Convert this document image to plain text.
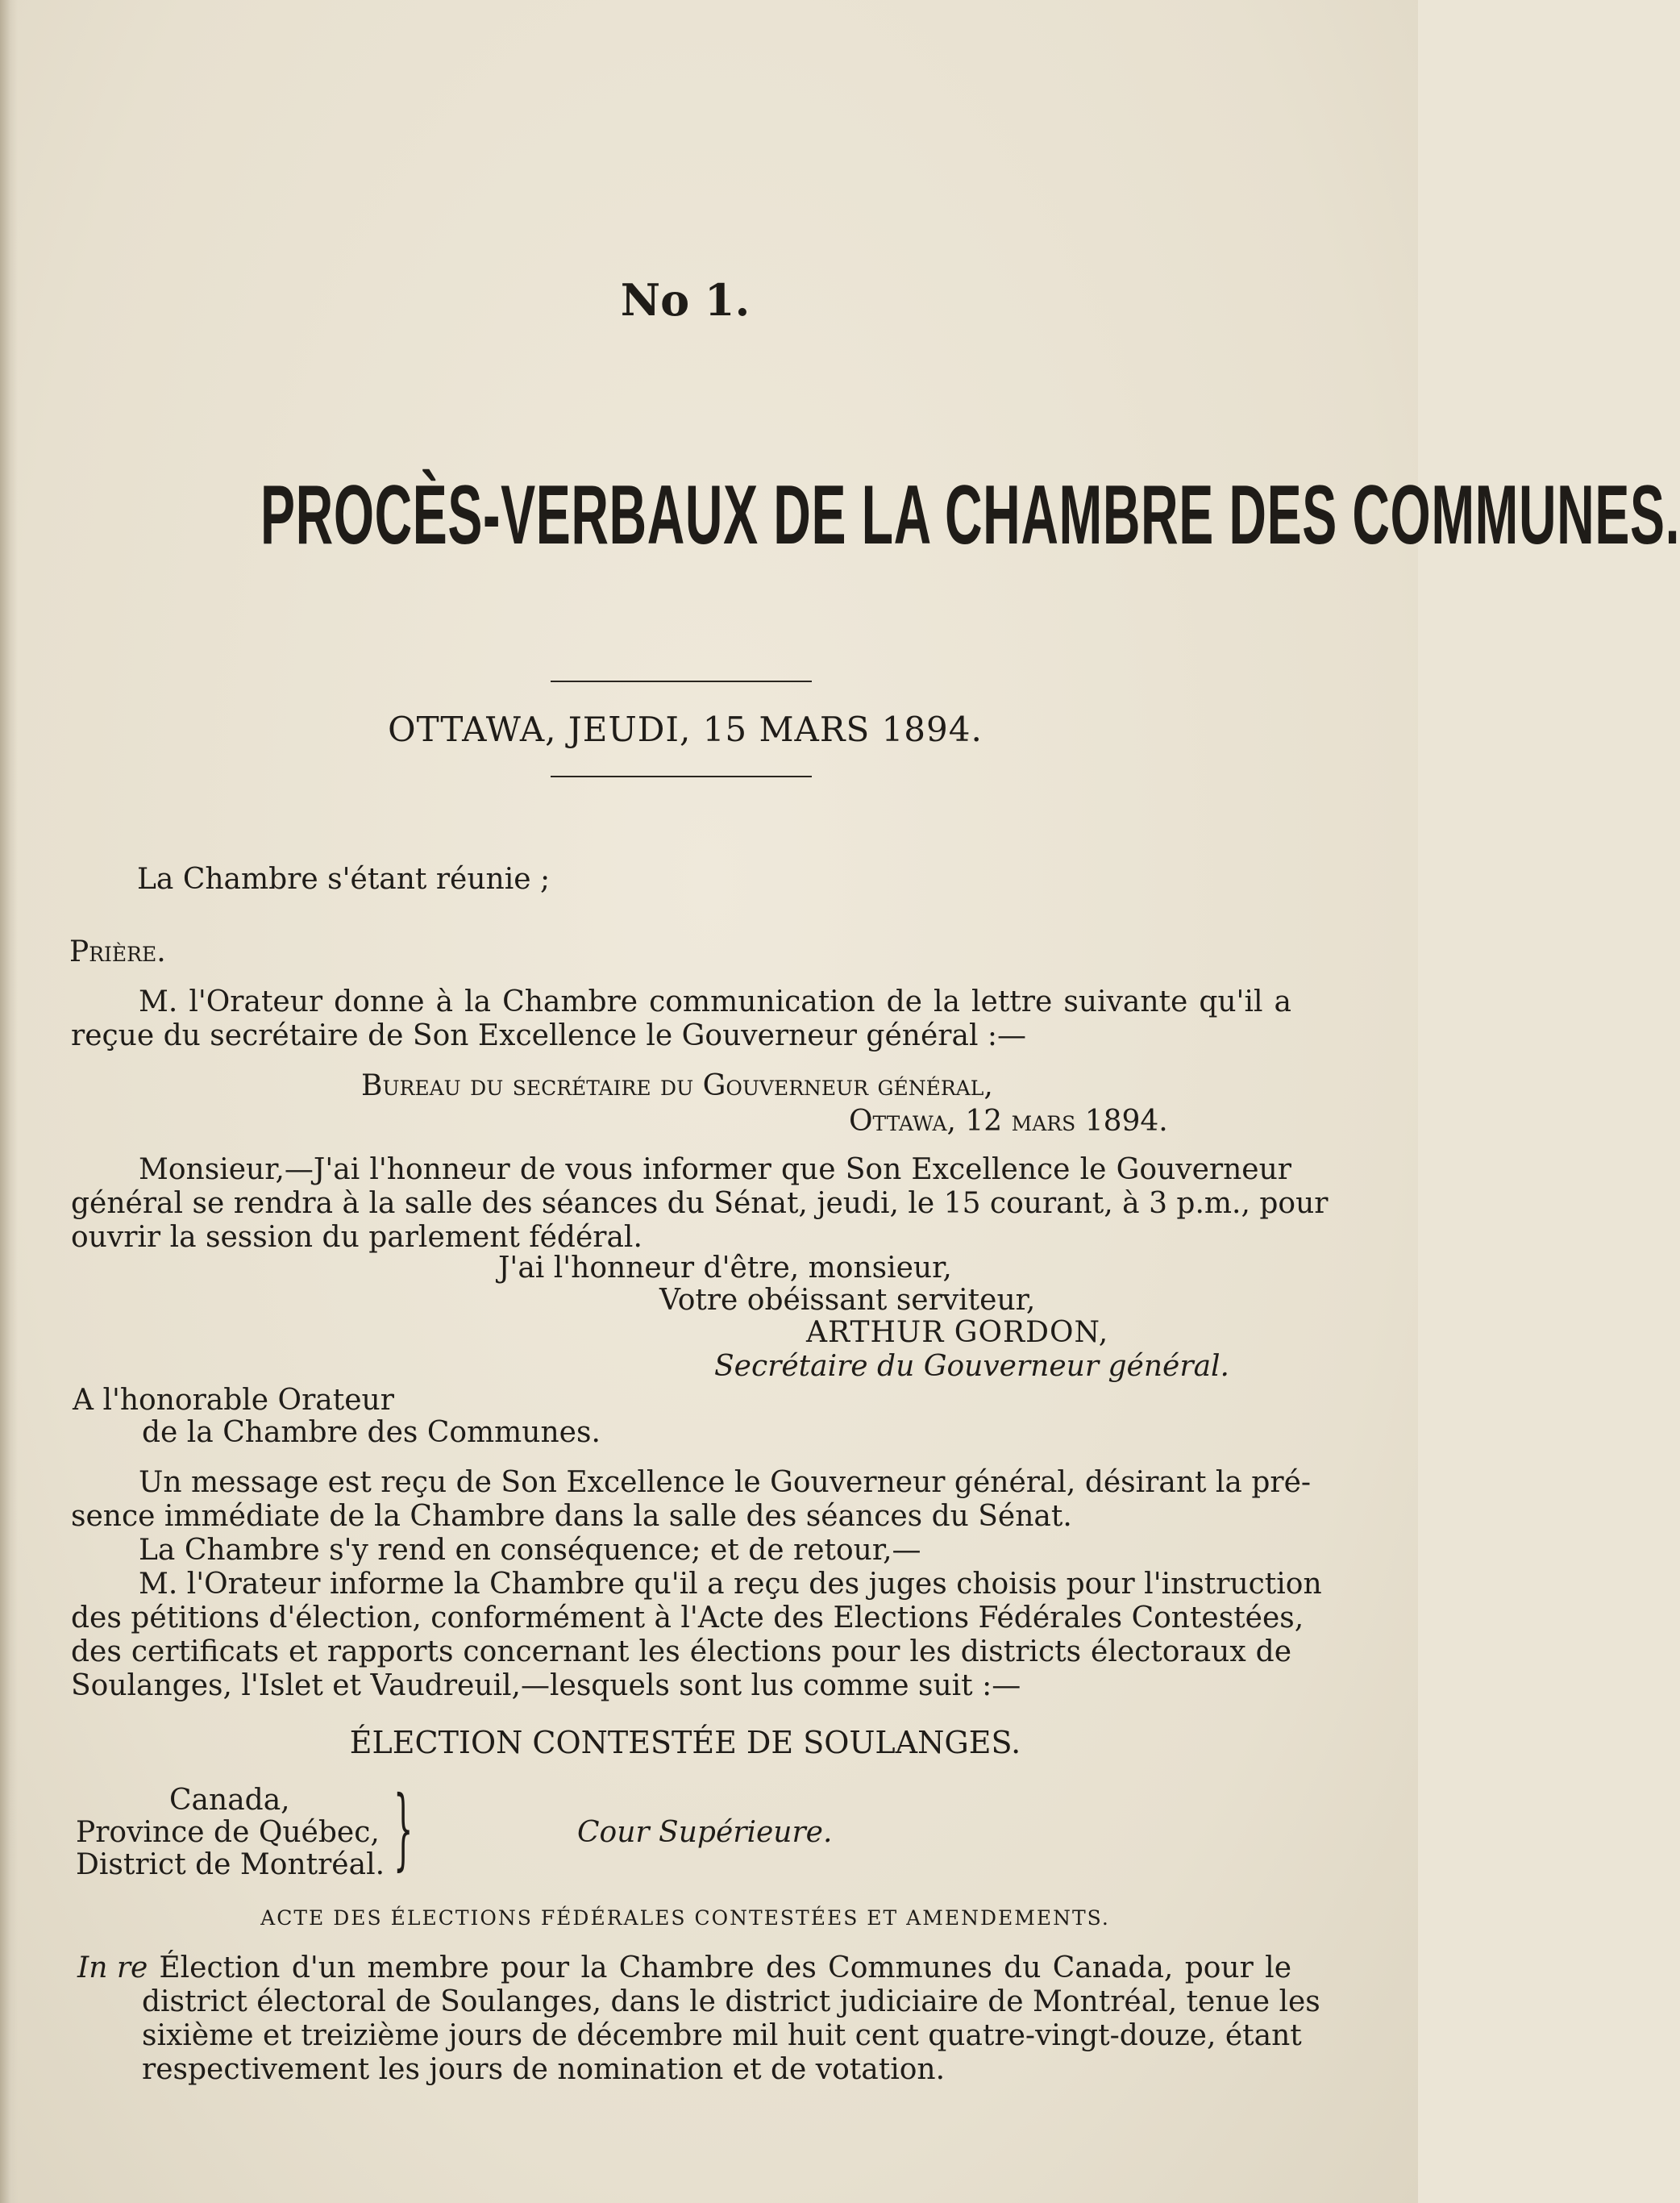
No 1.
PROCÈS-VERBAUX DE LA CHAMBRE DES COMMUNES.
OTTAWA, JEUDI, 15 MARS 1894.
La Chambre s'étant réunie ;
Prière.
M. l'Orateur donne à la Chambre communication de la lettre suivante qu'il a
reçue du secrétaire de Son Excellence le Gouverneur général :—
Bureau du secrétaire du Gouverneur général,
Ottawa, 12 mars 1894.
Monsieur,—J'ai l'honneur de vous informer que Son Excellence le Gouverneur
général se rendra à la salle des séances du Sénat, jeudi, le 15 courant, à 3 p.m., pour
ouvrir la session du parlement fédéral.
J'ai l'honneur d'être, monsieur,
Votre obéissant serviteur,
ARTHUR GORDON,
Secrétaire du Gouverneur général.
A l'honorable Orateur
de la Chambre des Communes.
Un message est reçu de Son Excellence le Gouverneur général, désirant la pré-
sence immédiate de la Chambre dans la salle des séances du Sénat.
La Chambre s'y rend en conséquence; et de retour,—
M. l'Orateur informe la Chambre qu'il a reçu des juges choisis pour l'instruction
des pétitions d'élection, conformément à l'Acte des Elections Fédérales Contestées,
des certificats et rapports concernant les élections pour les districts électoraux de
Soulanges, l'Islet et Vaudreuil,—lesquels sont lus comme suit :—
ÉLECTION CONTESTÉE DE SOULANGES.
Canada,
Province de Québec,
District de Montréal. }	Cour Supérieure.
ACTE DES ÉLECTIONS FÉDÉRALES CONTESTÉES ET AMENDEMENTS.
In re Élection d'un membre pour la Chambre des Communes du Canada, pour le
district électoral de Soulanges, dans le district judiciaire de Montréal, tenue les
sixième et treizième jours de décembre mil huit cent quatre-vingt-douze, étant
respectivement les jours de nomination et de votation.
